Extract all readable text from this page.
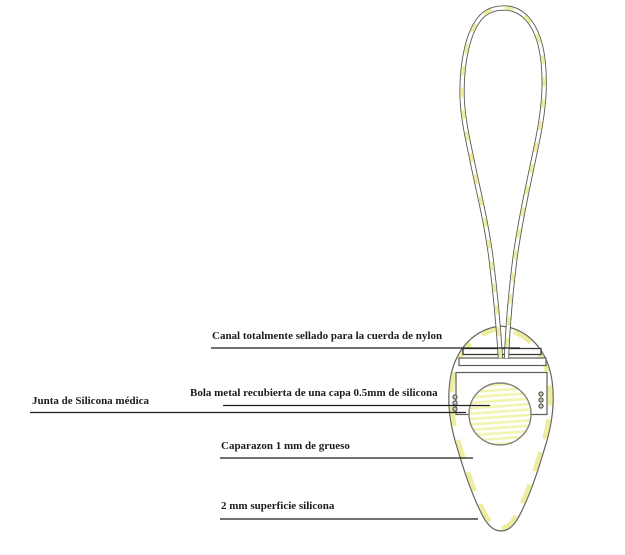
Canal totalmente sellado para la cuerda de nylon
Bola metal recubierta de una capa 0.5mm de silicona
Junta de Silicona médica
Caparazon 1 mm de grueso
2 mm superficie silicona
